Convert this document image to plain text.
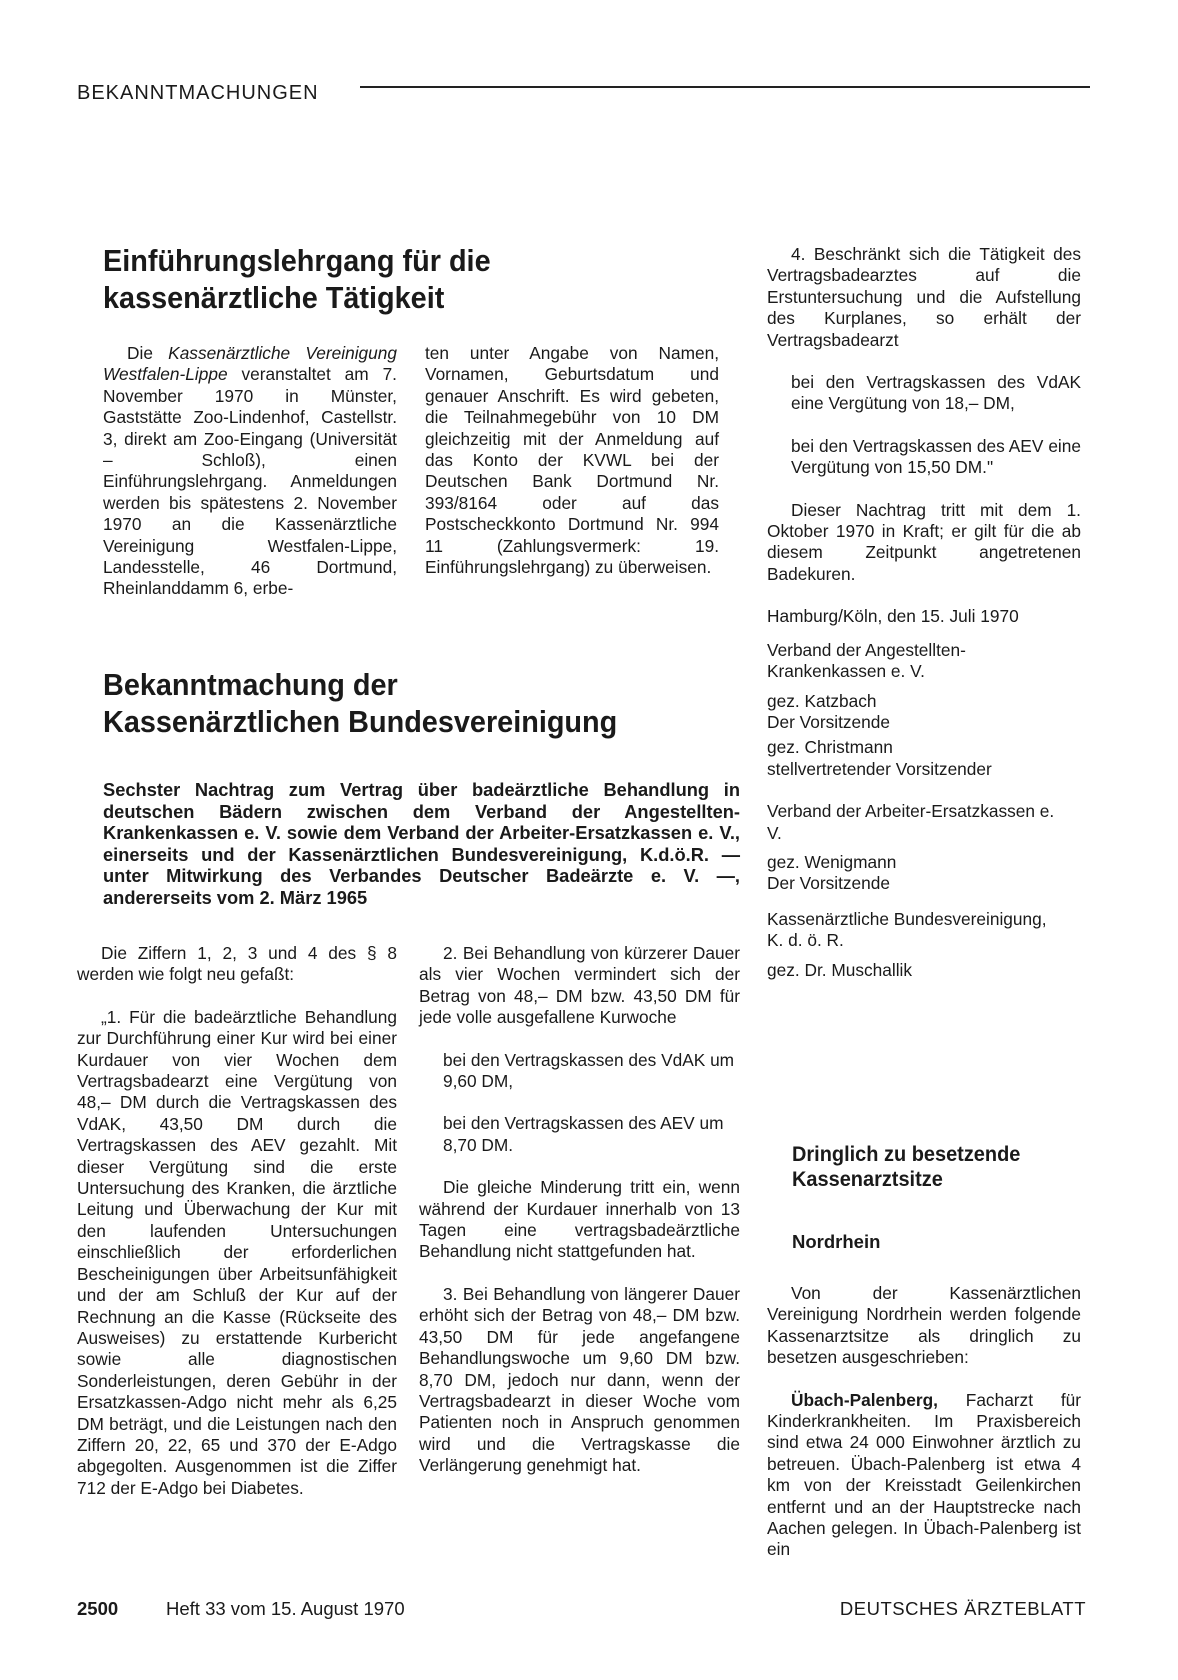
BEKANNTMACHUNGEN
Einführungslehrgang für die
kassenärztliche Tätigkeit

Die Kassenärztliche Vereinigung Westfalen-Lippe veranstaltet am 7. November 1970 in Münster, Gaststätte Zoo-Lindenhof, Castellstr. 3, direkt am Zoo-Eingang (Universität – Schloß), einen Einführungslehrgang. Anmeldungen werden bis spätestens 2. November 1970 an die Kassenärztliche Vereinigung Westfalen-Lippe, Landesstelle, 46 Dortmund, Rheinlanddamm 6, erbe-

ten unter Angabe von Namen, Vornamen, Geburtsdatum und genauer Anschrift. Es wird gebeten, die Teilnahmegebühr von 10 DM gleichzeitig mit der Anmeldung auf das Konto der KVWL bei der Deutschen Bank Dortmund Nr. 393/8164 oder auf das Postscheckkonto Dortmund Nr. 994 11 (Zahlungsvermerk: 19. Einführungslehrgang) zu überweisen.

Bekanntmachung der
Kassenärztlichen Bundesvereinigung
Sechster Nachtrag zum Vertrag über badeärztliche Behandlung in deutschen Bädern zwischen dem Verband der Angestellten-Krankenkassen e. V. sowie dem Verband der Arbeiter-Ersatzkassen e. V., einerseits und der Kassenärztlichen Bundesvereinigung, K.d.ö.R. — unter Mitwirkung des Verbandes Deutscher Badeärzte e. V. —, andererseits vom 2. März 1965

Die Ziffern 1, 2, 3 und 4 des § 8 werden wie folgt neu gefaßt:

„1. Für die badeärztliche Behandlung zur Durchführung einer Kur wird bei einer Kurdauer von vier Wochen dem Vertragsbadearzt eine Vergütung von 48,– DM durch die Vertragskassen des VdAK, 43,50 DM durch die Vertragskassen des AEV gezahlt. Mit dieser Vergütung sind die erste Untersuchung des Kranken, die ärztliche Leitung und Überwachung der Kur mit den laufenden Untersuchungen einschließlich der erforderlichen Bescheinigungen über Arbeitsunfähigkeit und der am Schluß der Kur auf der Rechnung an die Kasse (Rückseite des Ausweises) zu erstattende Kurbericht sowie alle diagnostischen Sonderleistungen, deren Gebühr in der Ersatzkassen-Adgo nicht mehr als 6,25 DM beträgt, und die Leistungen nach den Ziffern 20, 22, 65 und 370 der E-Adgo abgegolten. Ausgenommen ist die Ziffer 712 der E-Adgo bei Diabetes.

2. Bei Behandlung von kürzerer Dauer als vier Wochen vermindert sich der Betrag von 48,– DM bzw. 43,50 DM für jede volle ausgefallene Kurwoche

bei den Vertragskassen des VdAK um 9,60 DM,

bei den Vertragskassen des AEV um 8,70 DM.

Die gleiche Minderung tritt ein, wenn während der Kurdauer innerhalb von 13 Tagen eine vertragsbadeärztliche Behandlung nicht stattgefunden hat.

3. Bei Behandlung von längerer Dauer erhöht sich der Betrag von 48,– DM bzw. 43,50 DM für jede angefangene Behandlungswoche um 9,60 DM bzw. 8,70 DM, jedoch nur dann, wenn der Vertragsbadearzt in dieser Woche vom Patienten noch in Anspruch genommen wird und die Vertragskasse die Verlängerung genehmigt hat.

4. Beschränkt sich die Tätigkeit des Vertragsbadearztes auf die Erstuntersuchung und die Aufstellung des Kurplanes, so erhält der Vertragsbadearzt

bei den Vertragskassen des VdAK eine Vergütung von 18,– DM,

bei den Vertragskassen des AEV eine Vergütung von 15,50 DM."

Dieser Nachtrag tritt mit dem 1. Oktober 1970 in Kraft; er gilt für die ab diesem Zeitpunkt angetretenen Badekuren.

Hamburg/Köln, den 15. Juli 1970

Verband der Angestellten-Krankenkassen e. V.

gez. Katzbach

Der Vorsitzende

gez. Christmann

stellvertretender Vorsitzender

Verband der Arbeiter-Ersatzkassen e. V.

gez. Wenigmann

Der Vorsitzende

Kassenärztliche Bundesvereinigung, K. d. ö. R.

gez. Dr. Muschallik

Dringlich zu besetzende
Kassenarztsitze
Nordrhein

Von der Kassenärztlichen Vereinigung Nordrhein werden folgende Kassenarztsitze als dringlich zu besetzen ausgeschrieben:

Übach-Palenberg, Facharzt für Kinderkrankheiten. Im Praxisbereich sind etwa 24 000 Einwohner ärztlich zu betreuen. Übach-Palenberg ist etwa 4 km von der Kreisstadt Geilenkirchen entfernt und an der Hauptstrecke nach Aachen gelegen. In Übach-Palenberg ist ein

2500	Heft 33 vom 15. August 1970	DEUTSCHES ÄRZTEBLATT
